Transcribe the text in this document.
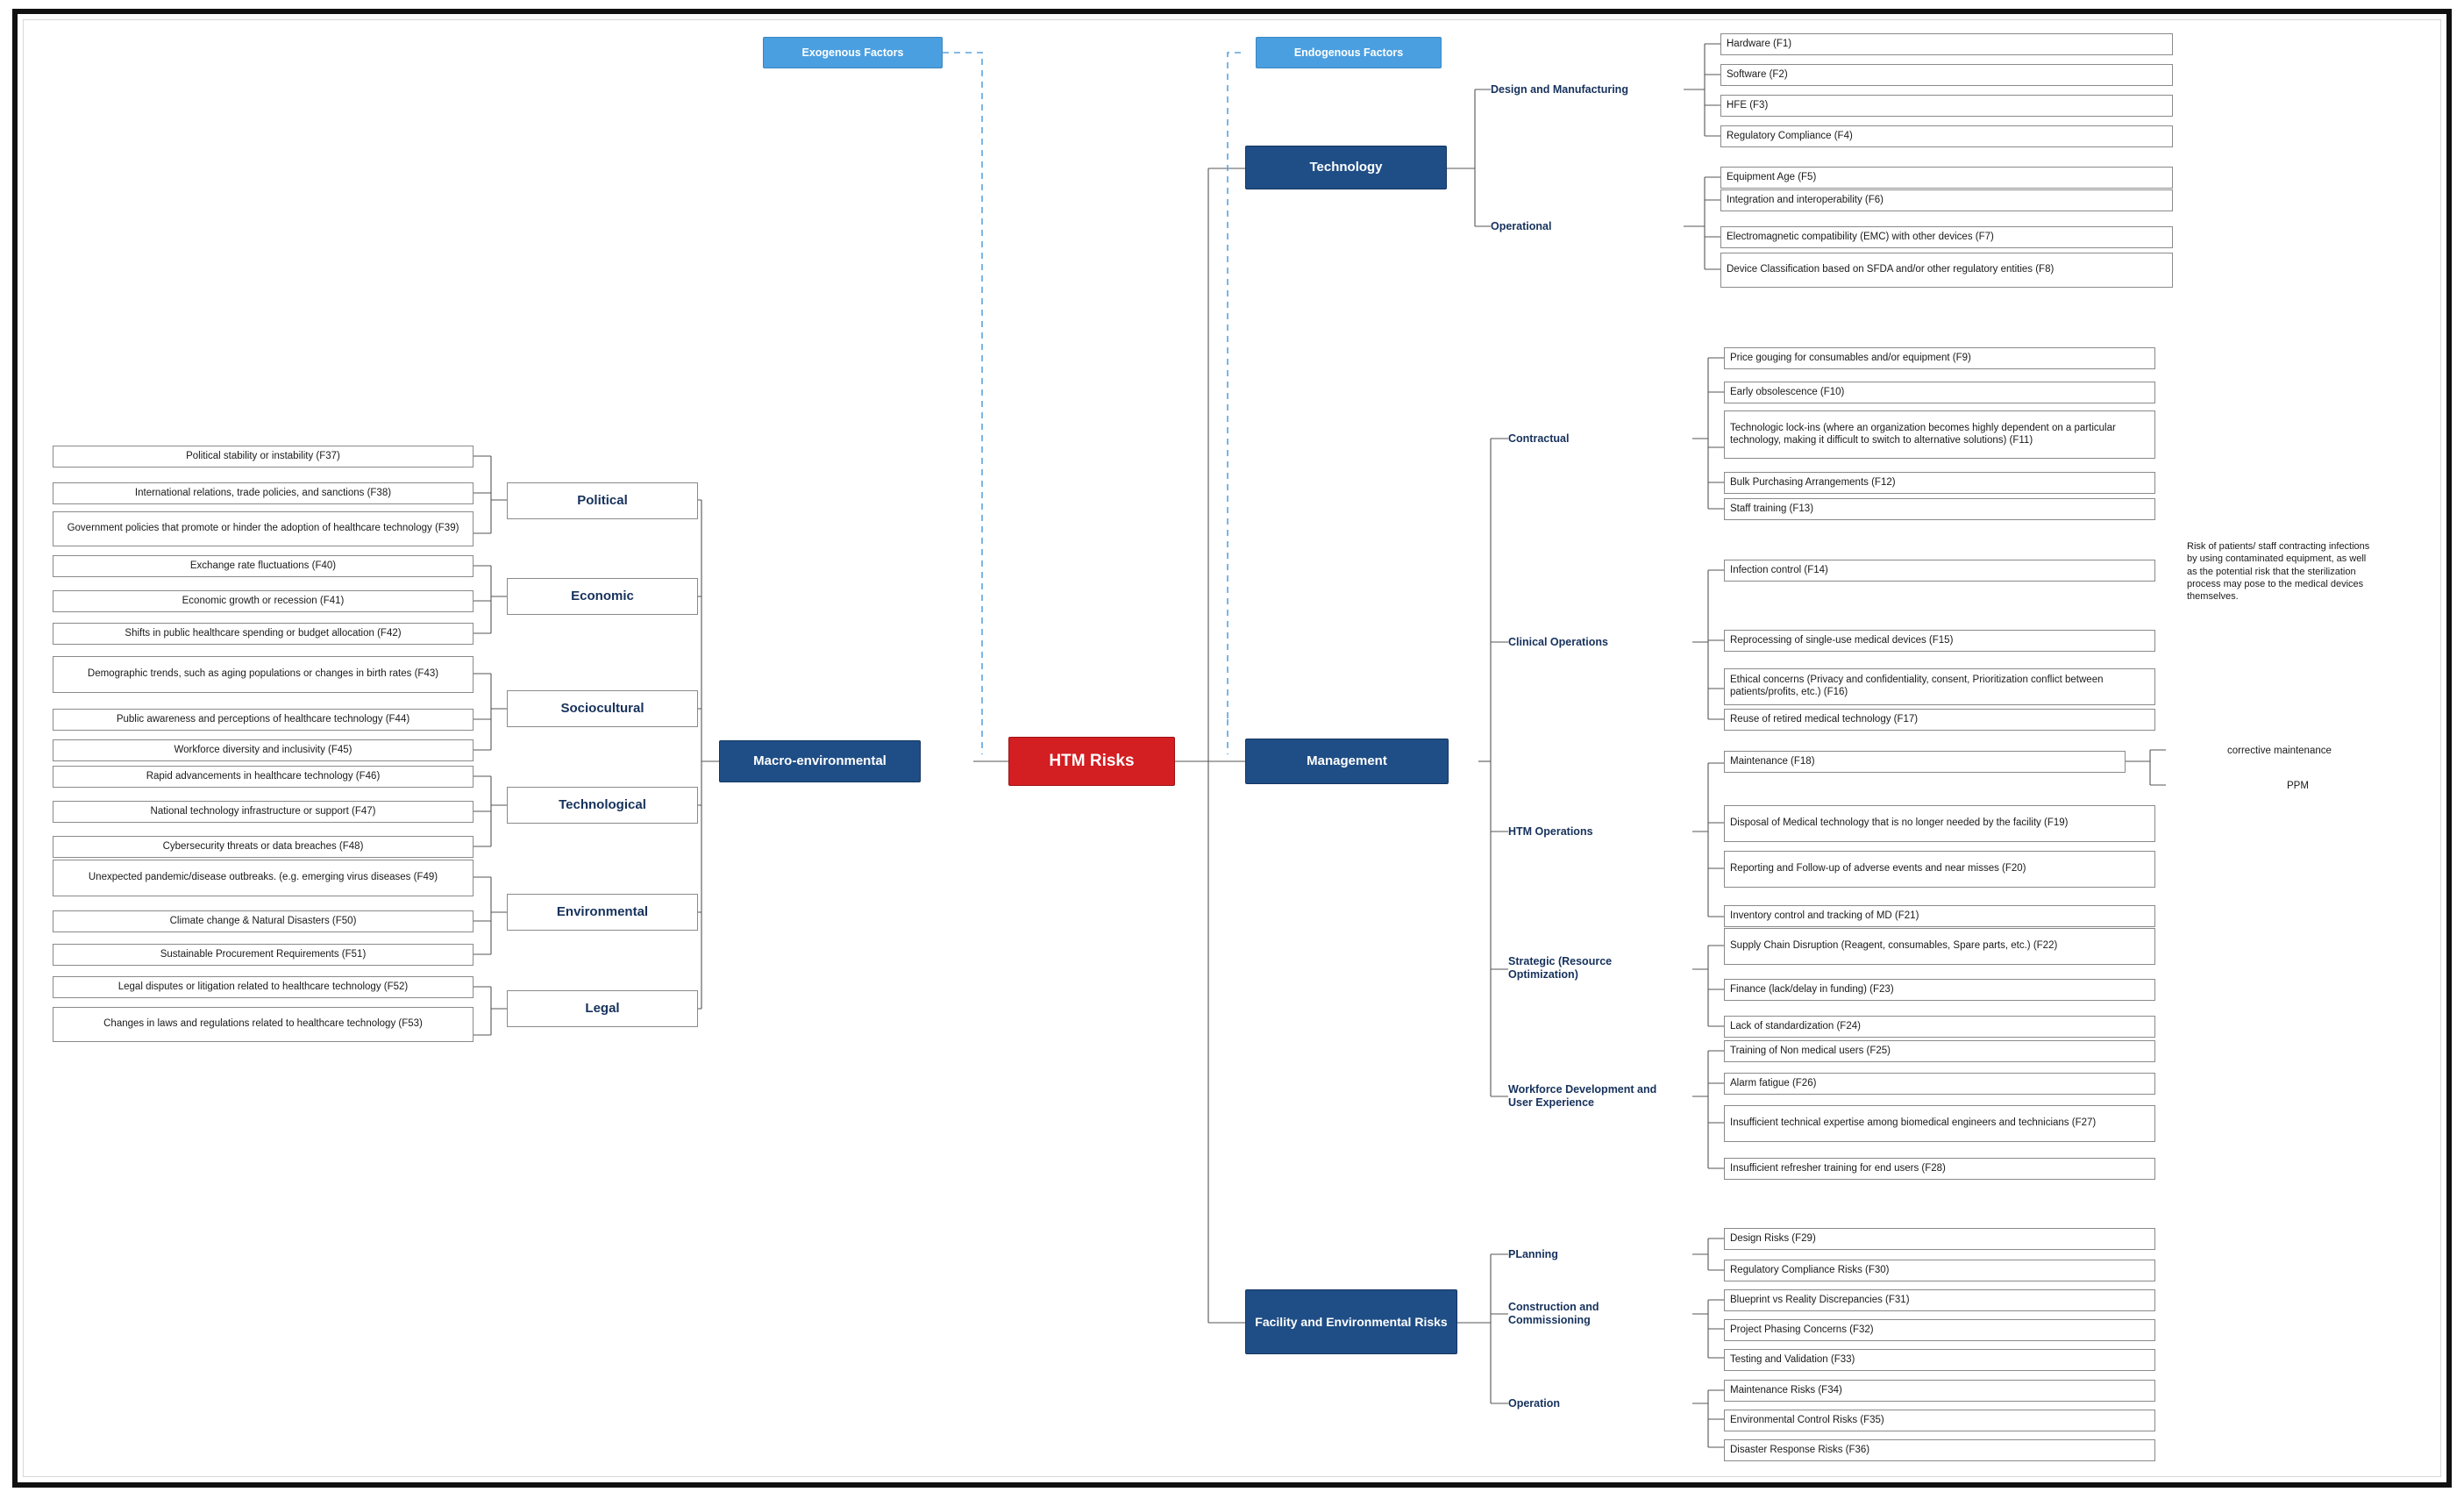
Exogenous Factors	Endogenous Factors
HTM Risks
Macro-environmental
Technology
Management
Facility and Environmental Risks
Design and Manufacturing
Operational
Hardware (F1)
Software (F2)
HFE (F3)
Regulatory Compliance (F4)
Equipment Age (F5)
Integration and interoperability (F6)
Electromagnetic compatibility (EMC) with other devices (F7)
Device Classification based on SFDA and/or other regulatory entities (F8)
Contractual
Clinical Operations
HTM Operations
Strategic (Resource Optimization)
Workforce Development and User Experience
Price gouging for consumables and/or equipment (F9)
Early obsolescence (F10)
Technologic lock-ins (where an organization becomes highly dependent on a particular technology, making it difficult to switch to alternative solutions) (F11)
Bulk Purchasing Arrangements (F12)
Staff training (F13)
Infection control (F14)
Reprocessing of single-use medical devices (F15)
Ethical concerns (Privacy and confidentiality, consent, Prioritization conflict between patients/profits, etc.) (F16)
Reuse of retired medical technology (F17)
Maintenance (F18)
Disposal of Medical technology that is no longer needed by the facility (F19)
Reporting and Follow-up of adverse events and near misses (F20)
Inventory control and tracking of MD (F21)
Supply Chain Disruption (Reagent, consumables, Spare parts, etc.) (F22)
Finance (lack/delay in funding) (F23)
Lack of standardization (F24)
Training of Non medical users (F25)
Alarm fatigue (F26)
Insufficient technical expertise among biomedical engineers and technicians (F27)
Insufficient refresher training for end users (F28)
corrective maintenance
PPM
Risk of patients/ staff contracting infections by using contaminated equipment, as well as the potential risk that the sterilization process may pose to the medical devices themselves.
PLanning
Construction and Commissioning
Operation
Design Risks (F29)
Regulatory Compliance Risks (F30)
Blueprint vs Reality Discrepancies (F31)
Project Phasing Concerns (F32)
Testing and Validation (F33)
Maintenance Risks (F34)
Environmental Control Risks (F35)
Disaster Response Risks (F36)
Political
Economic
Sociocultural
Technological
Environmental
Legal
Political stability or instability (F37)
International relations, trade policies, and sanctions (F38)
Government policies that promote or hinder the adoption of healthcare technology (F39)
Exchange rate fluctuations (F40)
Economic growth or recession (F41)
Shifts in public healthcare spending or budget allocation (F42)
Demographic trends, such as aging populations or changes in birth rates (F43)
Public awareness and perceptions of healthcare technology (F44)
Workforce diversity and inclusivity (F45)
Rapid advancements in healthcare technology (F46)
National technology infrastructure or support (F47)
Cybersecurity threats or data breaches (F48)
Unexpected pandemic/disease outbreaks. (e.g. emerging virus diseases (F49)
Climate change & Natural Disasters (F50)
Sustainable Procurement Requirements (F51)
Legal disputes or litigation related to healthcare technology (F52)
Changes in laws and regulations related to healthcare technology (F53)
